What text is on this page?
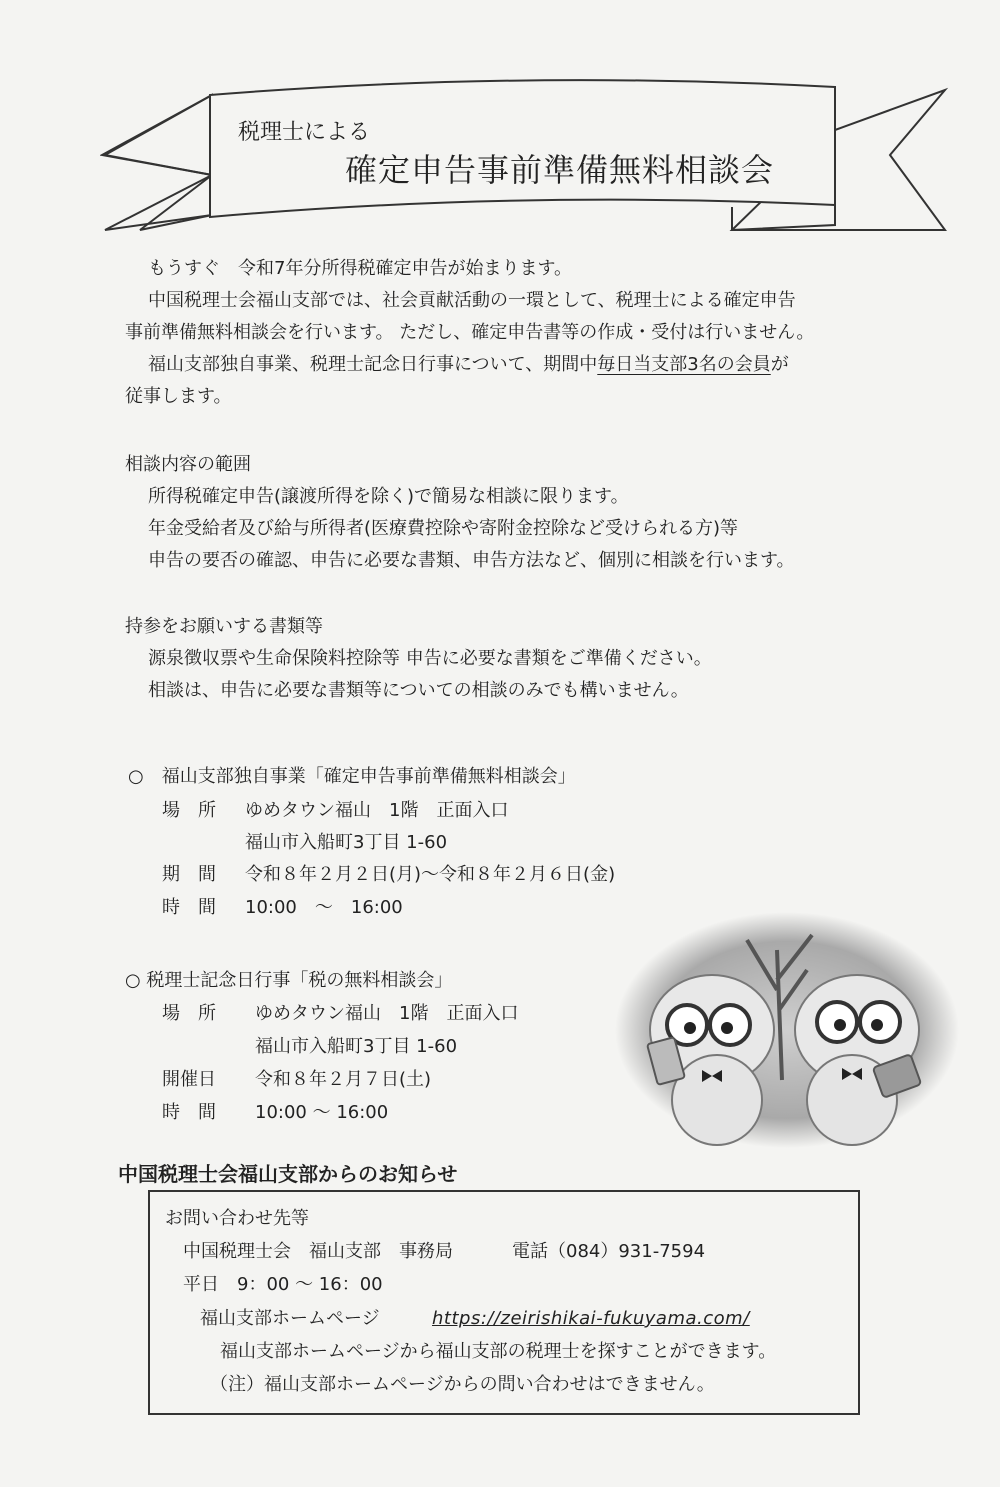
税理士による
確定申告事前準備無料相談会
もうすぐ　令和7年分所得税確定申告が始まります。
中国税理士会福山支部では、社会貢献活動の一環として、税理士による確定申告
事前準備無料相談会を行います。 ただし、確定申告書等の作成・受付は行いません。
福山支部独自事業、税理士記念日行事について、期間中毎日当支部3名の会員が
従事します。
相談内容の範囲
所得税確定申告(譲渡所得を除く)で簡易な相談に限ります。
年金受給者及び給与所得者(医療費控除や寄附金控除など受けられる方)等
申告の要否の確認、申告に必要な書類、申告方法など、個別に相談を行います。
持参をお願いする書類等
源泉徴収票や生命保険料控除等 申告に必要な書類をご準備ください。
相談は、申告に必要な書類等についての相談のみでも構いません。
○　福山支部独自事業「確定申告事前準備無料相談会」
場　所 ゆめタウン福山　1階　正面入口
福山市入船町3丁目 1-60
期　間 令和８年２月２日(月)～令和８年２月６日(金)
時　間 10:00　～　16:00
○ 税理士記念日行事「税の無料相談会」
場　所 ゆめタウン福山　1階　正面入口
福山市入船町3丁目 1-60
開催日 令和８年２月７日(土)
時　間 10:00 ～ 16:00
中国税理士会福山支部からのお知らせ
お問い合わせ先等
中国税理士会　福山支部　事務局	電話（084）931-7594
平日　9：00 ～ 16：00
福山支部ホームページ	https://zeirishikai-fukuyama.com/
福山支部ホームページから福山支部の税理士を探すことができます。
（注）福山支部ホームページからの問い合わせはできません。
